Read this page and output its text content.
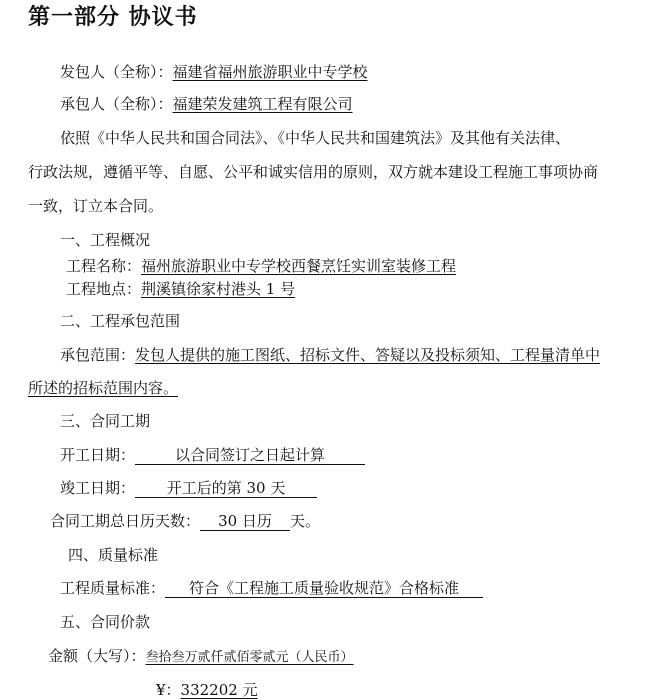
第一部分 协议书
发包人（全称）：福建省福州旅游职业中专学校
承包人（全称）：福建荣发建筑工程有限公司
依照《中华人民共和国合同法》、《中华人民共和国建筑法》及其他有关法律、
行政法规，遵循平等、自愿、公平和诚实信用的原则，双方就本建设工程施工事项协商
一致，订立本合同。
一、工程概况
工程名称：福州旅游职业中专学校西餐烹饪实训室装修工程
工程地点：荆溪镇徐家村港头 1 号
二、工程承包范围
承包范围：发包人提供的施工图纸、招标文件、答疑以及投标须知、工程量清单中
所述的招标范围内容。
三、合同工期
开工日期：	以合同签订之日起计算
竣工日期： 开工后的第 30 天
合同工期总日历天数： 30 日历 天。
四、质量标准
工程质量标准： 符合《工程施工质量验收规范》合格标准
五、合同价款
金额（大写）：叁拾叁万贰仟贰佰零贰元（人民币）
¥：332202 元
